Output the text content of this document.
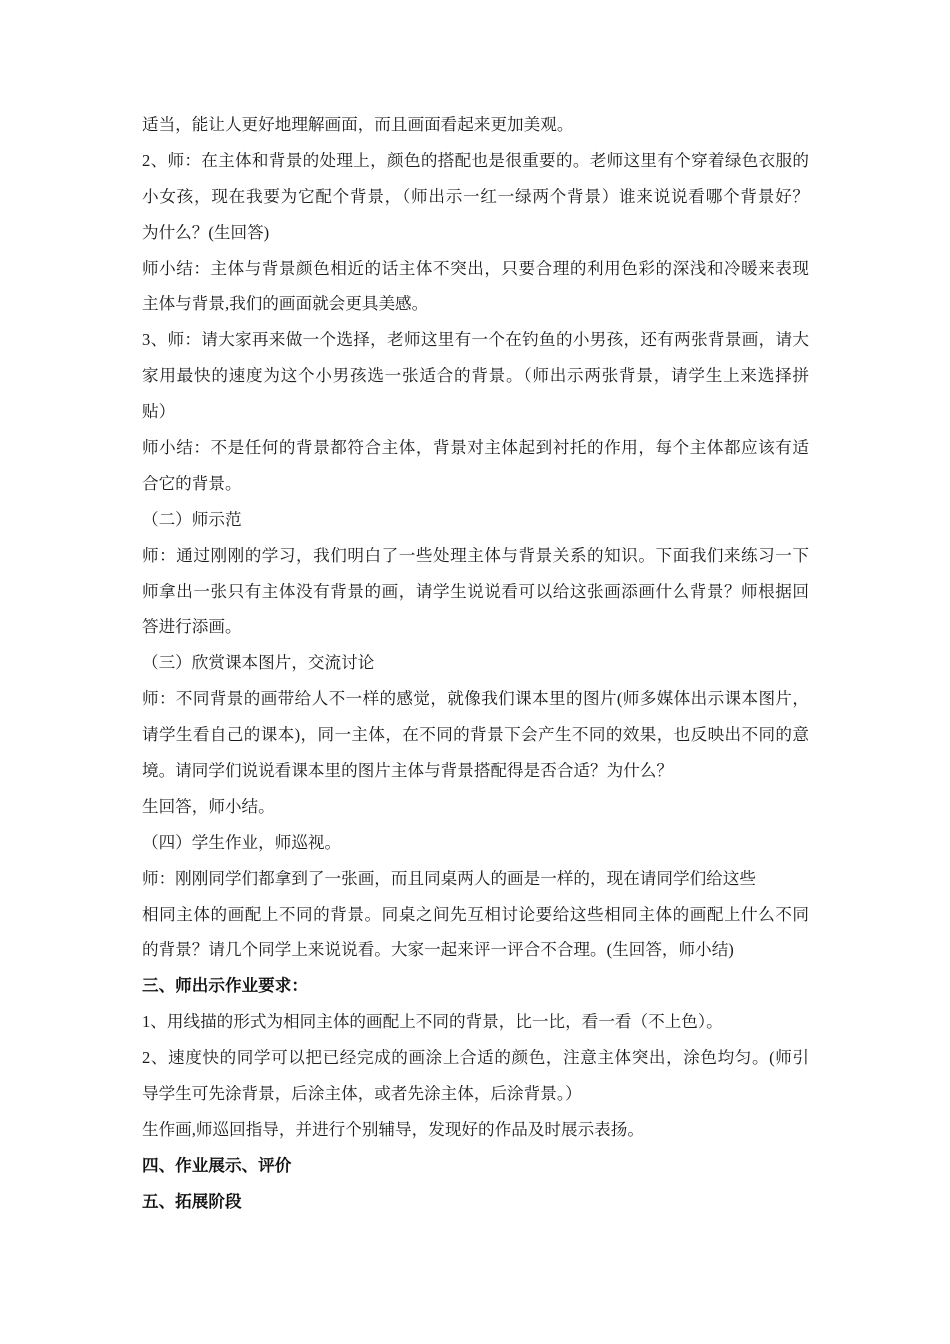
适当，能让人更好地理解画面，而且画面看起来更加美观。
2、师：在主体和背景的处理上，颜色的搭配也是很重要的。老师这里有个穿着绿色衣服的
小女孩，现在我要为它配个背景，（师出示一红一绿两个背景）谁来说说看哪个背景好？
为什么？(生回答)
师小结：主体与背景颜色相近的话主体不突出，只要合理的利用色彩的深浅和冷暖来表现
主体与背景,我们的画面就会更具美感。
3、师：请大家再来做一个选择，老师这里有一个在钓鱼的小男孩，还有两张背景画，请大
家用最快的速度为这个小男孩选一张适合的背景。（师出示两张背景，请学生上来选择拼
贴）
师小结：不是任何的背景都符合主体，背景对主体起到衬托的作用，每个主体都应该有适
合它的背景。
（二）师示范
师：通过刚刚的学习，我们明白了一些处理主体与背景关系的知识。下面我们来练习一下
师拿出一张只有主体没有背景的画，请学生说说看可以给这张画添画什么背景？师根据回
答进行添画。
（三）欣赏课本图片，交流讨论
师：不同背景的画带给人不一样的感觉，就像我们课本里的图片(师多媒体出示课本图片，
请学生看自己的课本)，同一主体，在不同的背景下会产生不同的效果，也反映出不同的意
境。请同学们说说看课本里的图片主体与背景搭配得是否合适？为什么？
生回答，师小结。
（四）学生作业，师巡视。
师：刚刚同学们都拿到了一张画，而且同桌两人的画是一样的，现在请同学们给这些
相同主体的画配上不同的背景。同桌之间先互相讨论要给这些相同主体的画配上什么不同
的背景？请几个同学上来说说看。大家一起来评一评合不合理。(生回答，师小结)
三、师出示作业要求：
1、用线描的形式为相同主体的画配上不同的背景，比一比，看一看（不上色）。
2、速度快的同学可以把已经完成的画涂上合适的颜色，注意主体突出，涂色均匀。(师引
导学生可先涂背景，后涂主体，或者先涂主体，后涂背景。）
生作画,师巡回指导，并进行个别辅导，发现好的作品及时展示表扬。
四、作业展示、评价
五、拓展阶段
